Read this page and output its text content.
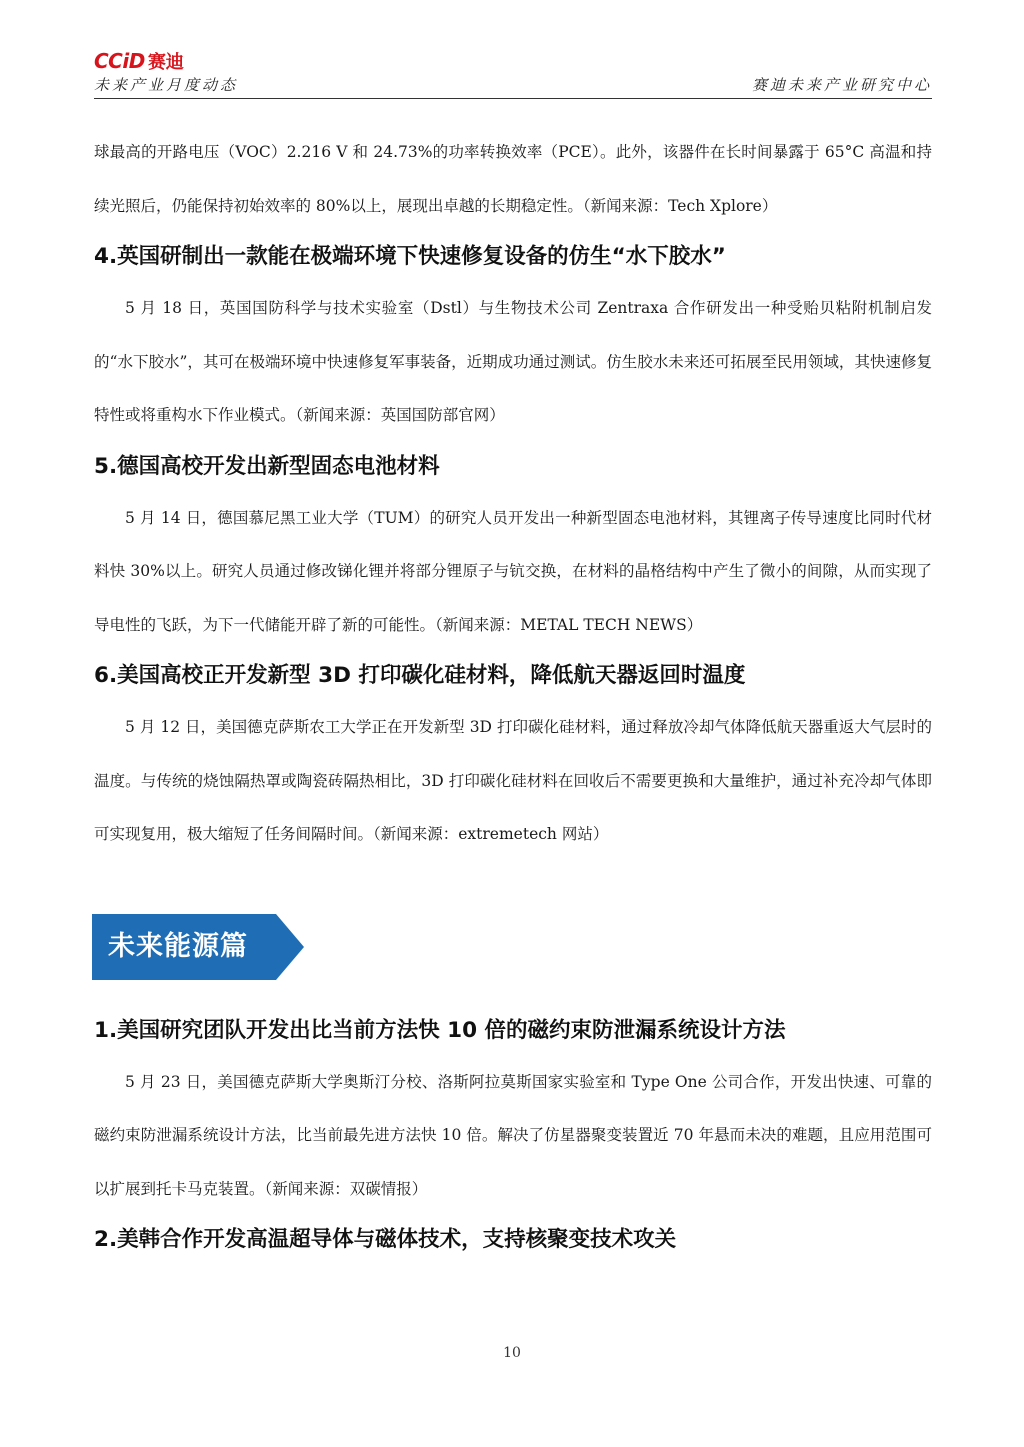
CCiD 赛迪
未来产业月度动态	赛迪未来产业研究中心

球最高的开路电压（VOC）2.216 V 和 24.73%的功率转换效率（PCE）。此外，该器件在长时间暴露于 65°C 高温和持续光照后，仍能保持初始效率的 80%以上，展现出卓越的长期稳定性。（新闻来源：Tech Xplore）

4.英国研制出一款能在极端环境下快速修复设备的仿生“水下胶水”

5 月 18 日，英国国防科学与技术实验室（Dstl）与生物技术公司 Zentraxa 合作研发出一种受贻贝粘附机制启发的“水下胶水”，其可在极端环境中快速修复军事装备，近期成功通过测试。仿生胶水未来还可拓展至民用领域，其快速修复特性或将重构水下作业模式。（新闻来源：英国国防部官网）

5.德国高校开发出新型固态电池材料

5 月 14 日，德国慕尼黑工业大学（TUM）的研究人员开发出一种新型固态电池材料，其锂离子传导速度比同时代材料快 30%以上。研究人员通过修改锑化锂并将部分锂原子与钪交换，在材料的晶格结构中产生了微小的间隙，从而实现了导电性的飞跃，为下一代储能开辟了新的可能性。（新闻来源：METAL TECH NEWS）

6.美国高校正开发新型 3D 打印碳化硅材料，降低航天器返回时温度

5 月 12 日，美国德克萨斯农工大学正在开发新型 3D 打印碳化硅材料，通过释放冷却气体降低航天器重返大气层时的温度。与传统的烧蚀隔热罩或陶瓷砖隔热相比，3D 打印碳化硅材料在回收后不需要更换和大量维护，通过补充冷却气体即可实现复用，极大缩短了任务间隔时间。（新闻来源：extremetech 网站）

未来能源篇
1.美国研究团队开发出比当前方法快 10 倍的磁约束防泄漏系统设计方法

5 月 23 日，美国德克萨斯大学奥斯汀分校、洛斯阿拉莫斯国家实验室和 Type One 公司合作，开发出快速、可靠的磁约束防泄漏系统设计方法，比当前最先进方法快 10 倍。解决了仿星器聚变装置近 70 年悬而未决的难题，且应用范围可以扩展到托卡马克装置。（新闻来源：双碳情报）

2.美韩合作开发高温超导体与磁体技术，支持核聚变技术攻关
10
